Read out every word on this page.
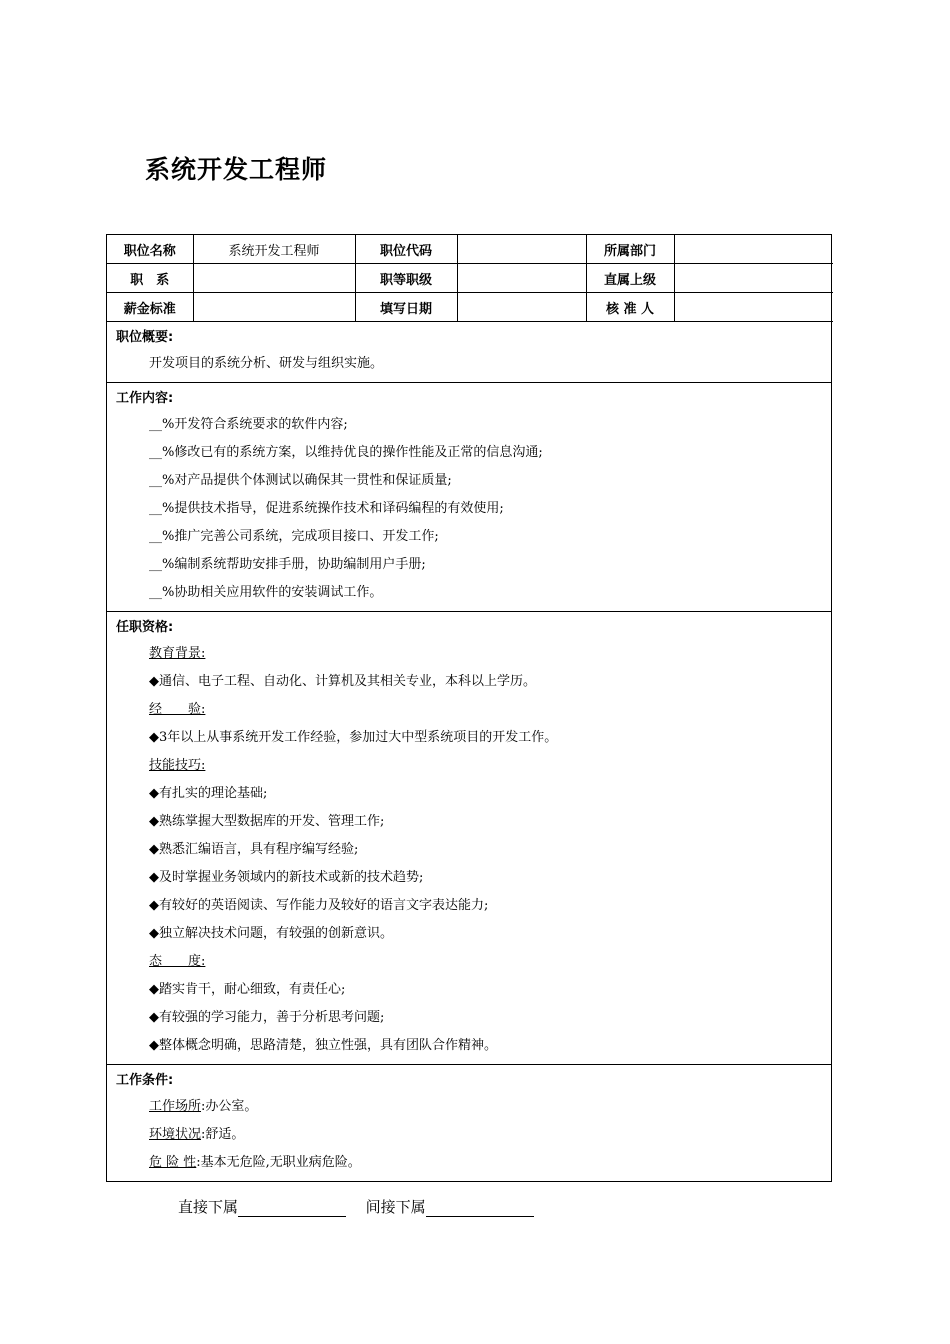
系统开发工程师
职位名称	系统开发工程师	职位代码		所属部门	
职　系		职等职级		直属上级	
薪金标准		填写日期		核 准 人	
职位概要:
开发项目的系统分析、研发与组织实施。
工作内容:
__%开发符合系统要求的软件内容;
__%修改已有的系统方案，以维持优良的操作性能及正常的信息沟通;
__%对产品提供个体测试以确保其一贯性和保证质量;
__%提供技术指导，促进系统操作技术和译码编程的有效使用;
__%推广完善公司系统，完成项目接口、开发工作;
__%编制系统帮助安排手册，协助编制用户手册;
__%协助相关应用软件的安装调试工作。
任职资格:
教育背景:
◆通信、电子工程、自动化、计算机及其相关专业，本科以上学历。
经　　验:
◆3年以上从事系统开发工作经验，参加过大中型系统项目的开发工作。
技能技巧:
◆有扎实的理论基础;
◆熟练掌握大型数据库的开发、管理工作;
◆熟悉汇编语言，具有程序编写经验;
◆及时掌握业务领域内的新技术或新的技术趋势;
◆有较好的英语阅读、写作能力及较好的语言文字表达能力;
◆独立解决技术问题，有较强的创新意识。
态　　度:
◆踏实肯干，耐心细致，有责任心;
◆有较强的学习能力，善于分析思考问题;
◆整体概念明确，思路清楚，独立性强，具有团队合作精神。
工作条件:
工作场所:办公室。
环境状况:舒适。
危 险 性:基本无危险,无职业病危险。
直接下属	间接下属
